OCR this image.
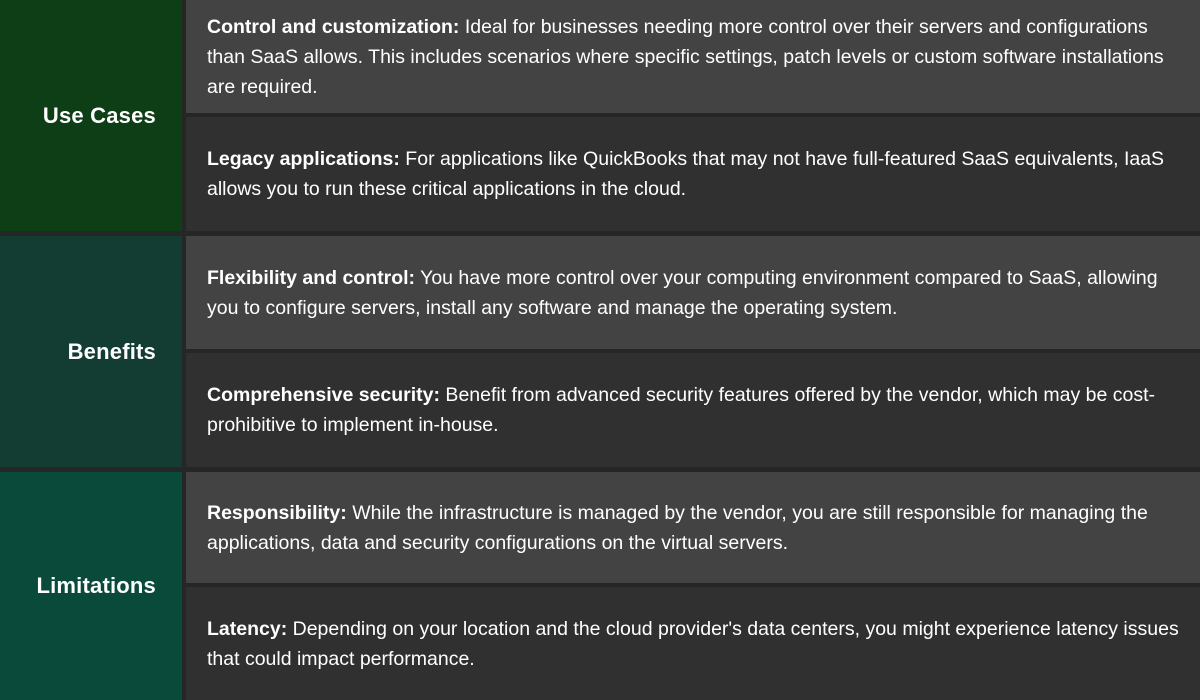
Use Cases
Control and customization: Ideal for businesses needing more control over their servers and configurations than SaaS allows. This includes scenarios where specific settings, patch levels or custom software installations are required.
Legacy applications: For applications like QuickBooks that may not have full-featured SaaS equivalents, IaaS allows you to run these critical applications in the cloud.
Benefits
Flexibility and control: You have more control over your computing environment compared to SaaS, allowing you to configure servers, install any software and manage the operating system.
Comprehensive security: Benefit from advanced security features offered by the vendor, which may be cost-prohibitive to implement in-house.
Limitations
Responsibility: While the infrastructure is managed by the vendor, you are still responsible for managing the applications, data and security configurations on the virtual servers.
Latency: Depending on your location and the cloud provider's data centers, you might experience latency issues that could impact performance.
